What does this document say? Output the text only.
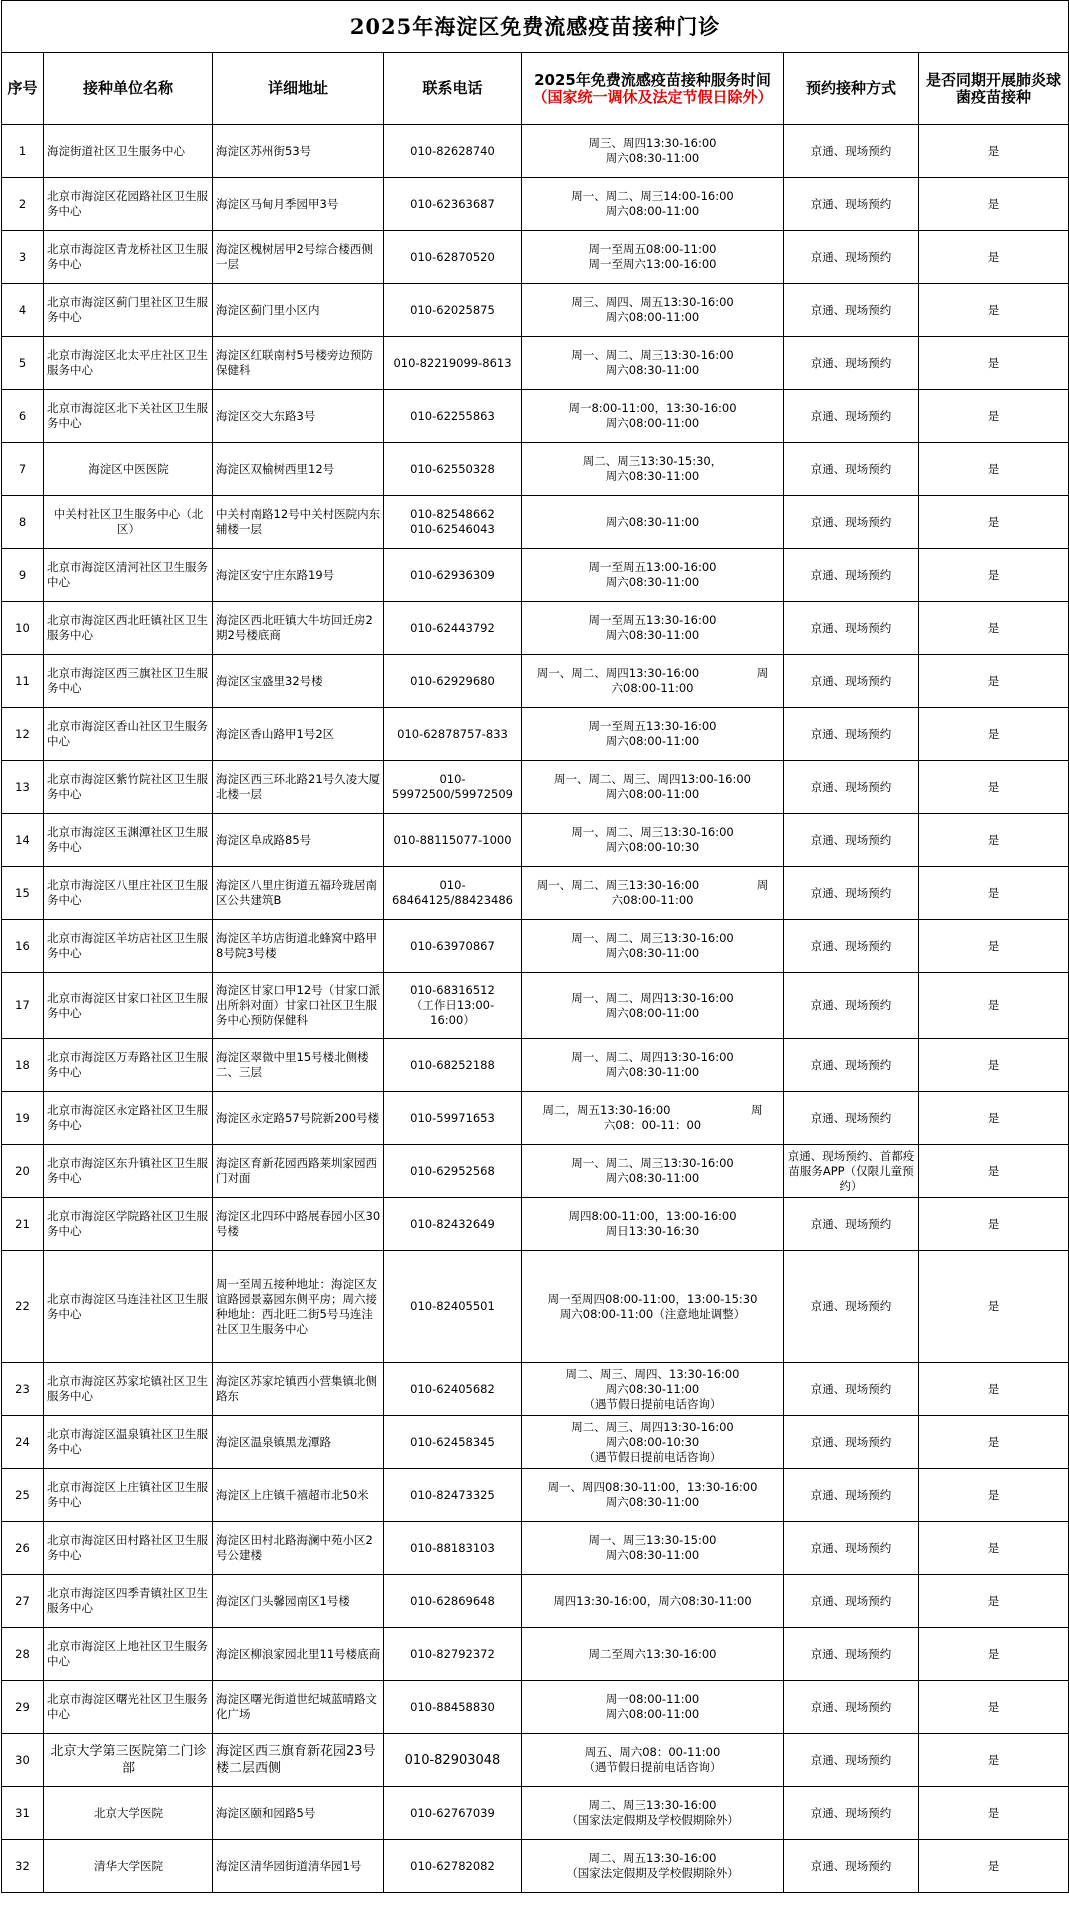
2025年海淀区免费流感疫苗接种门诊						
序号	接种单位名称	详细地址	联系电话	2025年免费流感疫苗接种服务时间
（国家统一调休及法定节假日除外）	预约接种方式	是否同期开展肺炎球菌疫苗接种

1	海淀街道社区卫生服务中心	海淀区苏州街53号	010-82628740	周三、周四13:30-16:00
周六08:30-11:00	京通、现场预约	是

2	北京市海淀区花园路社区卫生服务中心	海淀区马甸月季园甲3号	010-62363687	周一、周二、周三14:00-16:00
周六08:00-11:00	京通、现场预约	是

3	北京市海淀区青龙桥社区卫生服务中心	海淀区槐树居甲2号综合楼西侧一层	010-62870520	周一至周五08:00-11:00
周一至周六13:00-16:00	京通、现场预约	是

4	北京市海淀区蓟门里社区卫生服务中心	海淀区蓟门里小区内	010-62025875	周三、周四、周五13:30-16:00
周六08:00-11:00	京通、现场预约	是

5	北京市海淀区北太平庄社区卫生服务中心	海淀区红联南村5号楼旁边预防保健科	010-82219099-8613	周一、周二、周三13:30-16:00
周六08:30-11:00	京通、现场预约	是

6	北京市海淀区北下关社区卫生服务中心	海淀区交大东路3号	010-62255863	周一8:00-11:00，13:30-16:00
周六08:00-11:00	京通、现场预约	是

7	海淀区中医医院	海淀区双榆树西里12号	010-62550328	周二、周三13:30-15:30，
周六08:30-11:00	京通、现场预约	是

8	中关村社区卫生服务中心（北区）	中关村南路12号中关村医院内东辅楼一层	010-82548662
010-62546043	周六08:30-11:00	京通、现场预约	是

9	北京市海淀区清河社区卫生服务中心	海淀区安宁庄东路19号	010-62936309	周一至周五13:00-16:00
周六08:30-11:00	京通、现场预约	是

10	北京市海淀区西北旺镇社区卫生服务中心	海淀区西北旺镇大牛坊回迁房2期2号楼底商	010-62443792	周一至周五13:30-16:00
周六08:30-11:00	京通、现场预约	是

11	北京市海淀区西三旗社区卫生服务中心	海淀区宝盛里32号楼	010-62929680	周一、周二、周四13:30-16:00　　　　　周
六08:00-11:00	京通、现场预约	是

12	北京市海淀区香山社区卫生服务中心	海淀区香山路甲1号2区	010-62878757-833	周一至周五13:30-16:00
周六08:00-11:00	京通、现场预约	是

13	北京市海淀区紫竹院社区卫生服务中心	海淀区西三环北路21号久凌大厦北楼一层	010-
59972500/59972509	周一、周二、周三、周四13:00-16:00
周六08:00-11:00	京通、现场预约	是

14	北京市海淀区玉渊潭社区卫生服务中心	海淀区阜成路85号	010-88115077-1000	周一、周二、周三13:30-16:00
周六08:00-10:30	京通、现场预约	是

15	北京市海淀区八里庄社区卫生服务中心	海淀区八里庄街道五福玲珑居南区公共建筑B	010-
68464125/88423486	周一、周二、周三13:30-16:00　　　　　周
六08:00-11:00	京通、现场预约	是

16	北京市海淀区羊坊店社区卫生服务中心	海淀区羊坊店街道北蜂窝中路甲8号院3号楼	010-63970867	周一、周二、周三13:30-16:00
周六08:30-11:00	京通、现场预约	是

17	北京市海淀区甘家口社区卫生服务中心	海淀区甘家口甲12号（甘家口派出所斜对面）甘家口社区卫生服务中心预防保健科	010-68316512
（工作日13:00-
16:00）	周一、周二、周四13:30-16:00
周六08:00-11:00	京通、现场预约	是

18	北京市海淀区万寿路社区卫生服务中心	海淀区翠微中里15号楼北侧楼二、三层	010-68252188	周一、周二、周四13:30-16:00
周六08:30-11:00	京通、现场预约	是

19	北京市海淀区永定路社区卫生服务中心	海淀区永定路57号院新200号楼	010-59971653	周二，周五13:30-16:00　　　　　　　周
六08：00-11：00	京通、现场预约	是

20	北京市海淀区东升镇社区卫生服务中心	海淀区育新花园西路莱圳家园西门对面	010-62952568	周一、周二、周三13:30-16:00
周六08:30-11:00	京通、现场预约、首都疫苗服务APP（仅限儿童预约）	是

21	北京市海淀区学院路社区卫生服务中心	海淀区北四环中路展春园小区30号楼	010-82432649	周四8:00-11:00，13:00-16:00
周日13:30-16:30	京通、现场预约	是

22	北京市海淀区马连洼社区卫生服务中心	周一至周五接种地址：海淀区友谊路园景嘉园东侧平房；周六接种地址：西北旺二街5号马连洼社区卫生服务中心	010-82405501	周一至周四08:00-11:00，13:00-15:30
周六08:00-11:00（注意地址调整）	京通、现场预约	是

23	北京市海淀区苏家坨镇社区卫生服务中心	海淀区苏家坨镇西小营集镇北侧路东	010-62405682	周二、周三、周四、13:30-16:00
周六08:30-11:00
（遇节假日提前电话咨询）	京通、现场预约	是

24	北京市海淀区温泉镇社区卫生服务中心	海淀区温泉镇黑龙潭路	010-62458345	周二、周三、周四13:30-16:00
周六08:00-10:30
（遇节假日提前电话咨询）	京通、现场预约	是

25	北京市海淀区上庄镇社区卫生服务中心	海淀区上庄镇千禧超市北50米	010-82473325	周一、周四08:30-11:00，13:30-16:00
周六08:30-11:00	京通、现场预约	是

26	北京市海淀区田村路社区卫生服务中心	海淀区田村北路海澜中苑小区2号公建楼	010-88183103	周一、周三13:30-15:00
周六08:30-11:00	京通、现场预约	是

27	北京市海淀区四季青镇社区卫生服务中心	海淀区门头馨园南区1号楼	010-62869648	周四13:30-16:00，周六08:30-11:00	京通、现场预约	是

28	北京市海淀区上地社区卫生服务中心	海淀区柳浪家园北里11号楼底商	010-82792372	周二至周六13:30-16:00	京通、现场预约	是

29	北京市海淀区曙光社区卫生服务中心	海淀区曙光街道世纪城蓝晴路文化广场	010-88458830	周一08:00-11:00
周六08:00-11:00	京通、现场预约	是

30	北京大学第三医院第二门诊部	海淀区西三旗育新花园23号楼二层西侧	010-82903048	周五、周六08：00-11:00
（遇节假日提前电话咨询）	京通、现场预约	是

31	北京大学医院	海淀区颐和园路5号	010-62767039	周二、周三13:30-16:00
（国家法定假期及学校假期除外）	京通、现场预约	是

32	清华大学医院	海淀区清华园街道清华园1号	010-62782082	周二、周五13:30-16:00
（国家法定假期及学校假期除外）	京通、现场预约	是
